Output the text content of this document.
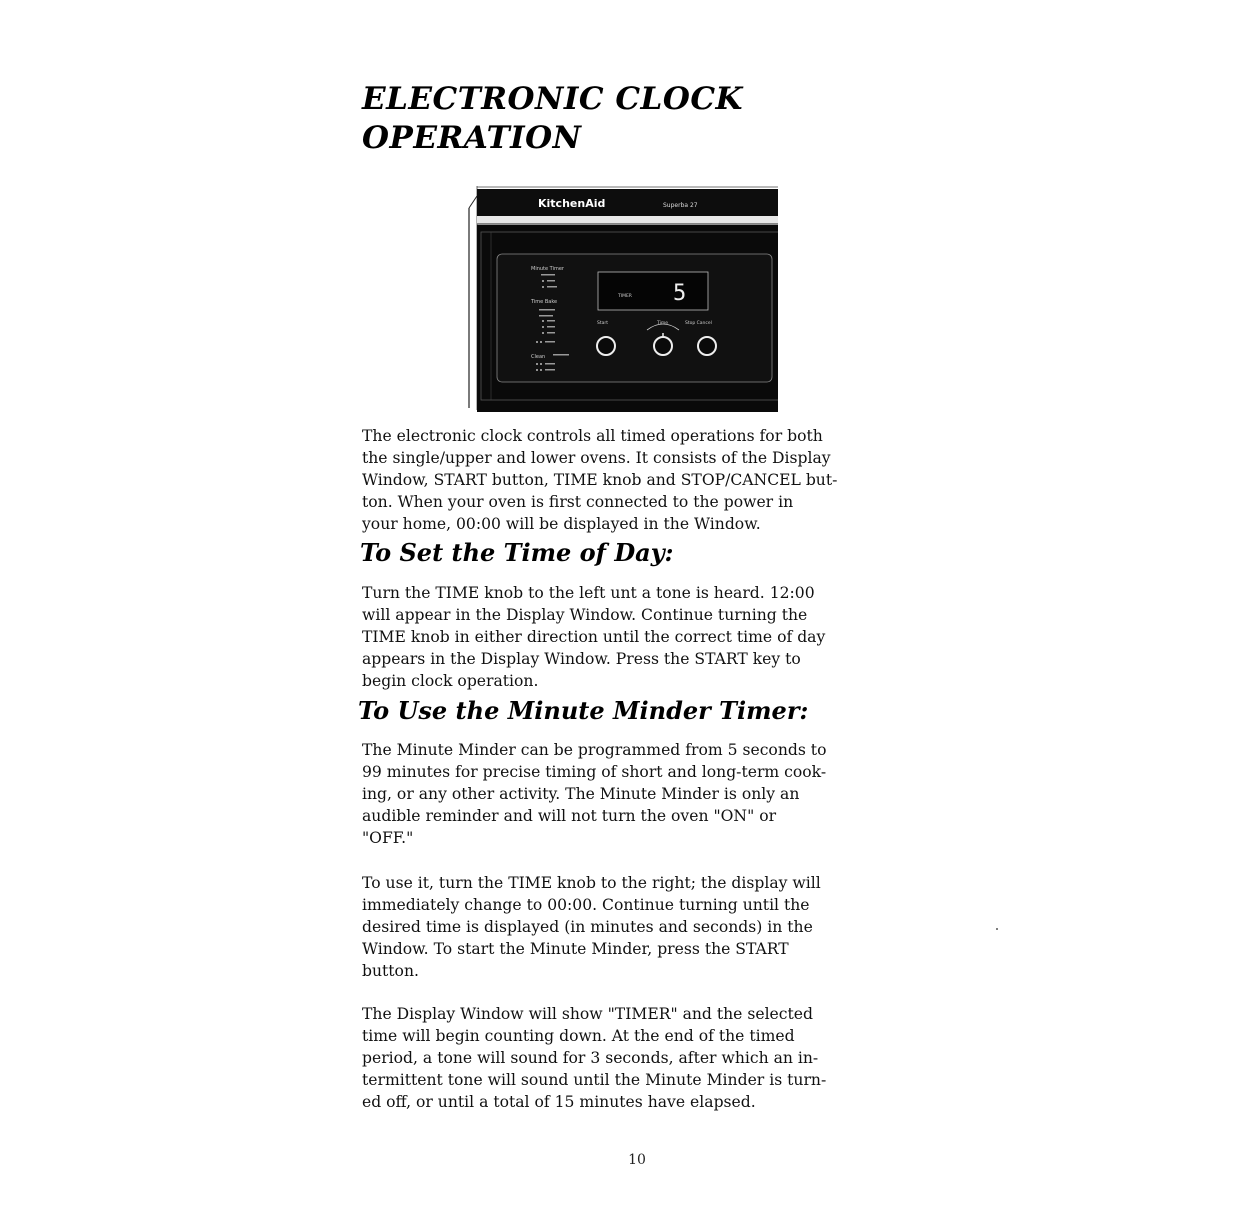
ELECTRONIC CLOCK
OPERATION
KitchenAid	Superba 27
Minute Timer
Time Bake
Clean
TIMER 5
Start	Time	Stop Cancel

The electronic clock controls all timed operations for both
the single/upper and lower ovens. It consists of the Display
Window, START button, TIME knob and STOP/CANCEL but-
ton. When your oven is first connected to the power in
your home, 00:00 will be displayed in the Window.

To Set the Time of Day:

Turn the TIME knob to the left unt a tone is heard. 12:00
will appear in the Display Window. Continue turning the
TIME knob in either direction until the correct time of day
appears in the Display Window. Press the START key to
begin clock operation.

To Use the Minute Minder Timer:

The Minute Minder can be programmed from 5 seconds to
99 minutes for precise timing of short and long-term cook-
ing, or any other activity. The Minute Minder is only an
audible reminder and will not turn the oven "ON" or
"OFF."

To use it, turn the TIME knob to the right; the display will
immediately change to 00:00. Continue turning until the
desired time is displayed (in minutes and seconds) in the
Window. To start the Minute Minder, press the START
button.

The Display Window will show "TIMER" and the selected
time will begin counting down. At the end of the timed
period, a tone will sound for 3 seconds, after which an in-
termittent tone will sound until the Minute Minder is turn-
ed off, or until a total of 15 minutes have elapsed.

10
